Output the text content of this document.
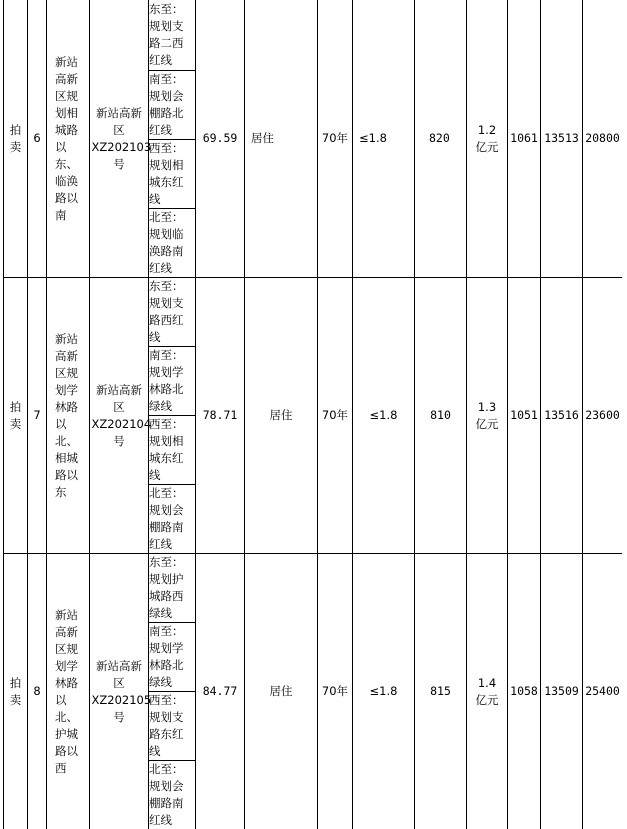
拍卖	6	新站高新区规划相城路以东、临涣路以南	新站高新区XZ202103号	东至：规划支路二西红线	69.59	居住	70年	≤1.8	820	1.2亿元	1061	13513	20800

				南至：规划会棚路北红线									

				西至：规划相城东红线									

				北至：规划临涣路南红线									

拍卖	7	新站高新区规划学林路以北、相城路以东	新站高新区XZ202104号	东至：规划支路西红线	78.71	居住	70年	≤1.8	810	1.3亿元	1051	13516	23600

				南至：规划学林路北绿线									

				西至：规划相城东红线									

				北至：规划会棚路南红线									

拍卖	8	新站高新区规划学林路以北、护城路以西	新站高新区XZ202105号	东至：规划护城路西绿线	84.77	居住	70年	≤1.8	815	1.4亿元	1058	13509	25400

				南至：规划学林路北绿线									

				西至：规划支路东红线									

				北至：规划会棚路南红线									
